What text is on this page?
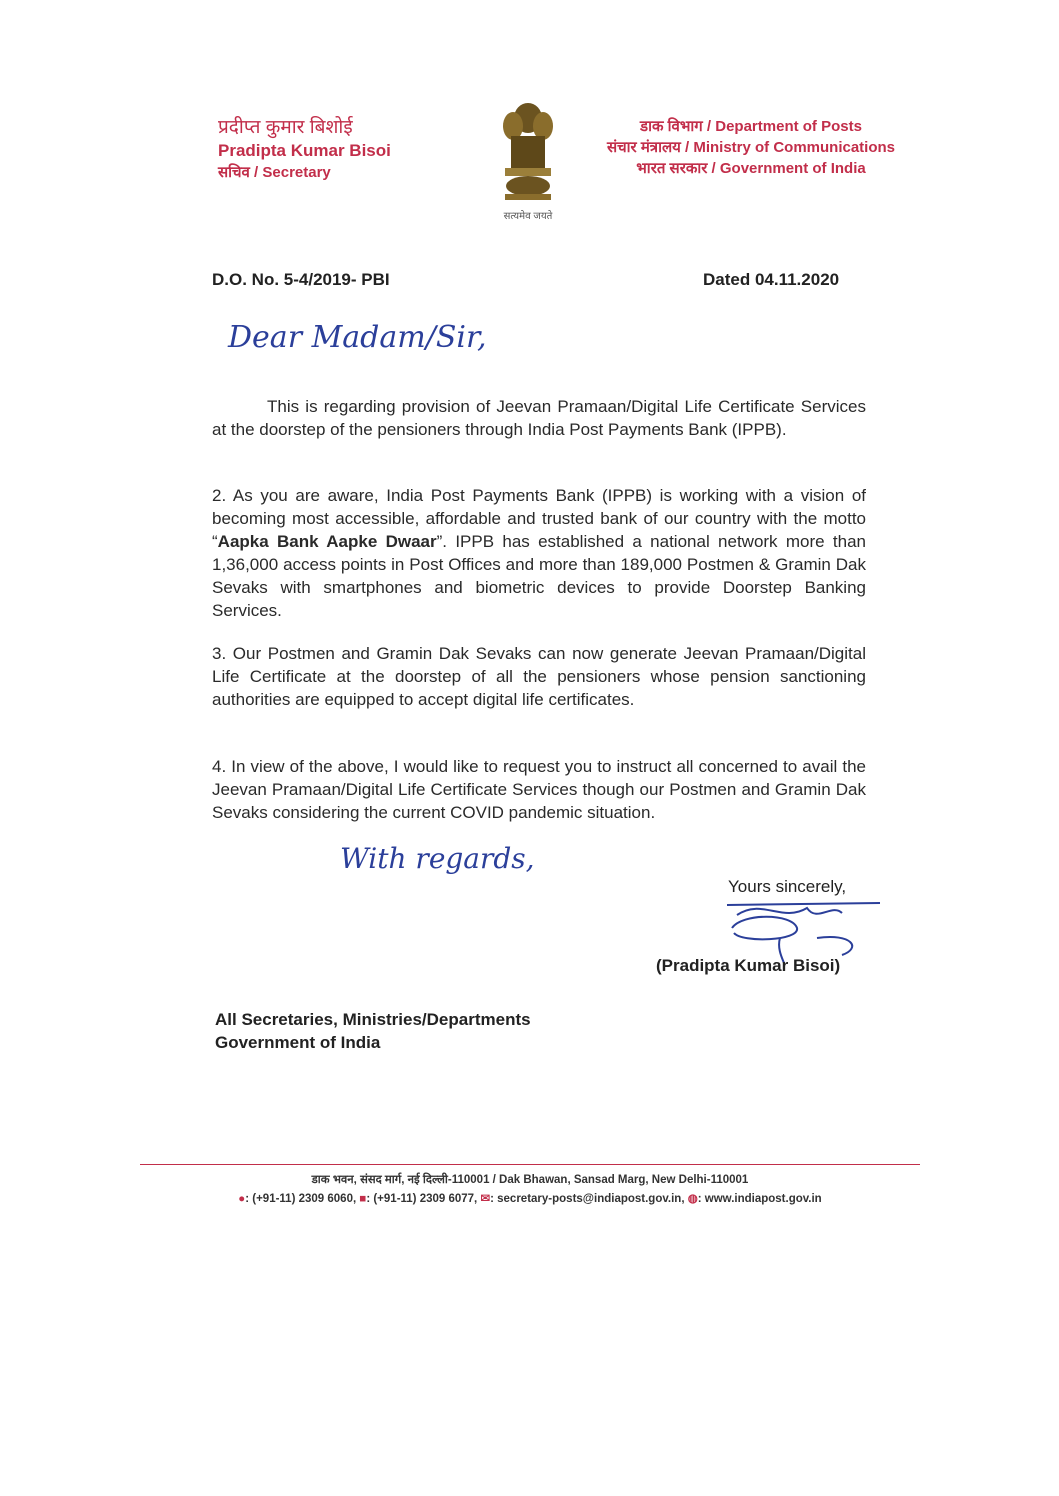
प्रदीप्त कुमार बिशोई
Pradipta Kumar Bisoi
सचिव / Secretary
सत्यमेव जयते
डाक विभाग / Department of Posts
संचार मंत्रालय / Ministry of Communications
भारत सरकार / Government of India
D.O. No. 5-4/2019- PBI	Dated 04.11.2020
Dear Madam/Sir,
This is regarding provision of Jeevan Pramaan/Digital Life Certificate Services at the doorstep of the pensioners through India Post Payments Bank (IPPB).
2. As you are aware, India Post Payments Bank (IPPB) is working with a vision of becoming most accessible, affordable and trusted bank of our country with the motto “Aapka Bank Aapke Dwaar”. IPPB has established a national network more than 1,36,000 access points in Post Offices and more than 189,000 Postmen & Gramin Dak Sevaks with smartphones and biometric devices to provide Doorstep Banking Services.
3. Our Postmen and Gramin Dak Sevaks can now generate Jeevan Pramaan/Digital Life Certificate at the doorstep of all the pensioners whose pension sanctioning authorities are equipped to accept digital life certificates.
4. In view of the above, I would like to request you to instruct all concerned to avail the Jeevan Pramaan/Digital Life Certificate Services though our Postmen and Gramin Dak Sevaks considering the current COVID pandemic situation.
With regards,
Yours sincerely,
(Pradipta Kumar Bisoi)
All Secretaries, Ministries/Departments
Government of India
डाक भवन, संसद मार्ग, नई दिल्ली-110001 / Dak Bhawan, Sansad Marg, New Delhi-110001
●: (+91-11) 2309 6060, ■: (+91-11) 2309 6077, ✉: secretary-posts@indiapost.gov.in, ◍: www.indiapost.gov.in
